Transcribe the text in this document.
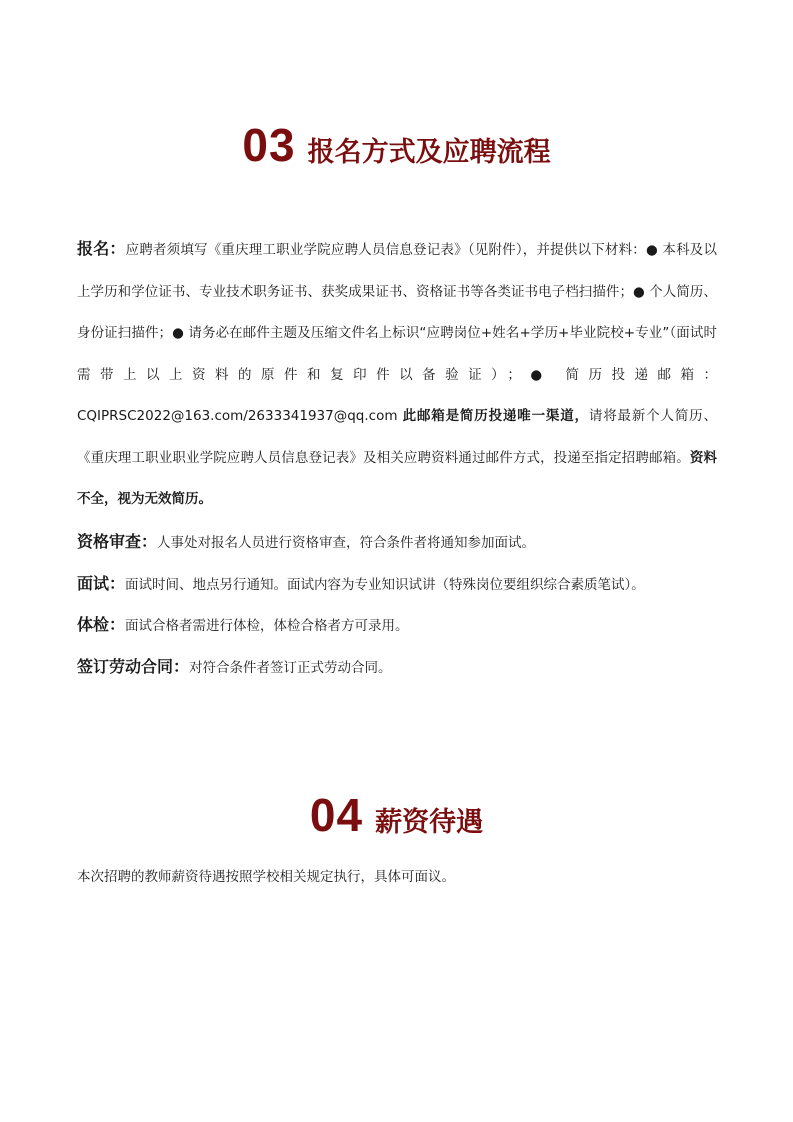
03 报名方式及应聘流程
报名：应聘者须填写《重庆理工职业学院应聘人员信息登记表》（见附件），并提供以下材料：● 本科及以上学历和学位证书、专业技术职务证书、获奖成果证书、资格证书等各类证书电子档扫描件；● 个人简历、身份证扫描件；● 请务必在邮件主题及压缩文件名上标识“应聘岗位+姓名+学历+毕业院校+专业”（面试时需带上以上资料的原件和复印件以备验证）；● 简历投递邮箱：CQIPRSC2022@163.com/2633341937@qq.com 此邮箱是简历投递唯一渠道，请将最新个人简历、《重庆理工职业职业学院应聘人员信息登记表》及相关应聘资料通过邮件方式，投递至指定招聘邮箱。资料不全，视为无效简历。
资格审查：人事处对报名人员进行资格审查，符合条件者将通知参加面试。
面试：面试时间、地点另行通知。面试内容为专业知识试讲（特殊岗位要组织综合素质笔试）。
体检：面试合格者需进行体检，体检合格者方可录用。
签订劳动合同：对符合条件者签订正式劳动合同。
04 薪资待遇
本次招聘的教师薪资待遇按照学校相关规定执行，具体可面议。
